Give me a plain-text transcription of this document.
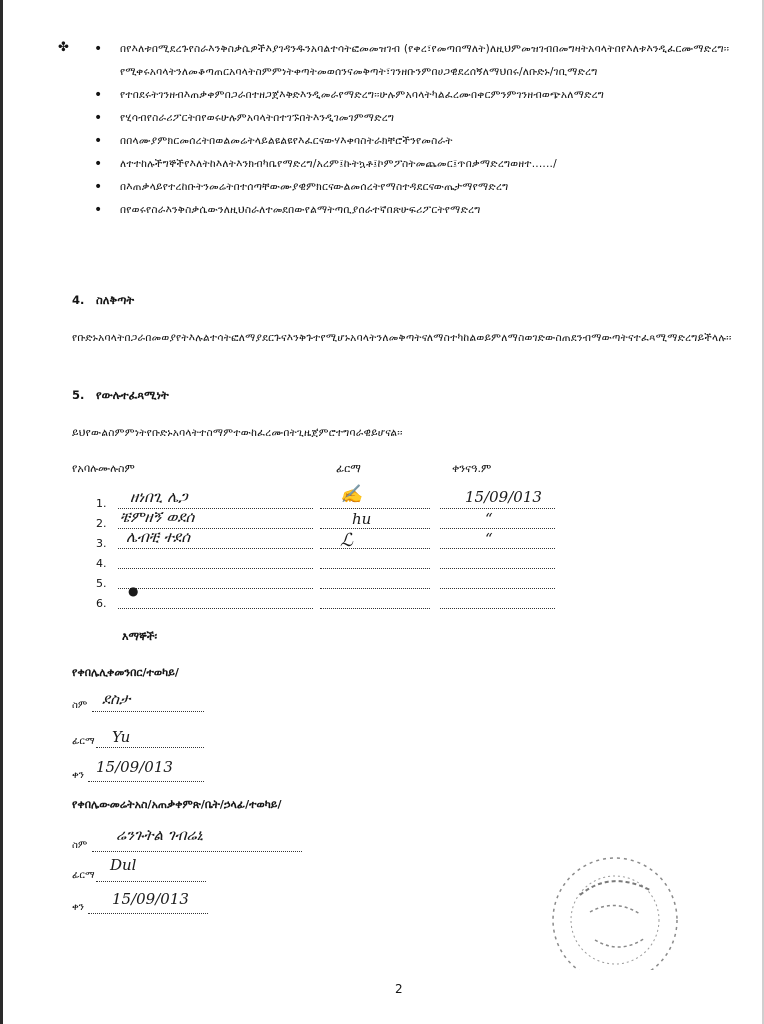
✤
•	በየእለቱበሚደረጉየስራእንቅስቃሴዎችእያገዳንዱንአባልተሳትፎመመዝገብ (የቀረ፣የመጣበማለት)ለዚህምመዝገብበመግዛትአባላትበየእለቱእንዲፈርሙማድረግ፡፡የሚቀሩአባላትንለመቆጣጠርአባላትስምምነትቀጣትመወሰንናመቅጣት፣ገንዘቡንምበሀጋዊደረሰኝለማህበሩ/ለቡድኑ/ገቢማድረግ
• የተበደሩትገንዘብእጠቃቀምበጋራበተዘጋጀእቅድእንዲመራየማድረግ፡፡ሁሉምአባላትካልፈረሙበቀርምንምገንዘብወጭአለማድረግ
• የሂሳብየስራሪፖርትበየወሩሁሉምአባላትበተገኙበትእንዲገመገምማድረግ
• በበላሙያምክርመሰረትበወልመሬትላይልዩልዩየእፈርናውሃእቀባስትራክቸሮችንየመስራት
• ለተተከሉችግኞችየእለትከእለትእንክብካቤየማድረግ/አረም፤ኩትኳቶ፤ኮምፖስትመጨመር፤ጥበቃማድረግወዘተ....../
• በእጠቃላይየተረከቡትንመሬትበተሰጣቸውሙያዊምክርናውልመሰረትየማስተዳደርናውጤታማየማድረግ
• በየወሩየስራእንቅስቃሴውንለዚህስራለተመደበውየልማትጣቢያሰራተኛበጽሁፍሪፖርትየማድረግ
4. ስለቅጣት
የቡድኑአባላትበጋራበመወያየትእሉልተሳትፎለማያደርጉናእንቅጉተየሚሆኑአባላትንለመቅጣትናለማስተካከልወይምለማስወገድውስጠደንብማውጣትናተፈጻሚማድረግይችላሉ፡፡
5. የውሉተፈጻሚነት
ይህየውልስምምነትየቡድኑአባላትተስማምተውከፈረሙበትጊዜጀምሮተግባራዊይሆናል፡፡
የአባሉሙሉስም	ፊርማ	ቀንናዓ.ም
1.
2.
3.
4.
5.
6.
ዘነበጊ ሌጋ
ቼምዘኝ ወደሰ
ሌብቺ ተደሰ
✍
hu
ℒ
15/09/013
“
“
●
እማኞች፡
የቀበሌሊቀመንበር/ተወካይ/
ስም ደስታ
ፊርማ Yu
ቀን 15/09/013
የቀበሌውመሬትአስ/አጠቃቀምጽ/ቤት/ኃላፊ/ተወካይ/
ስም
ሬንጉትል ገብሬኒ
ፊርማ
Dul
ቀን 15/09/013
2
